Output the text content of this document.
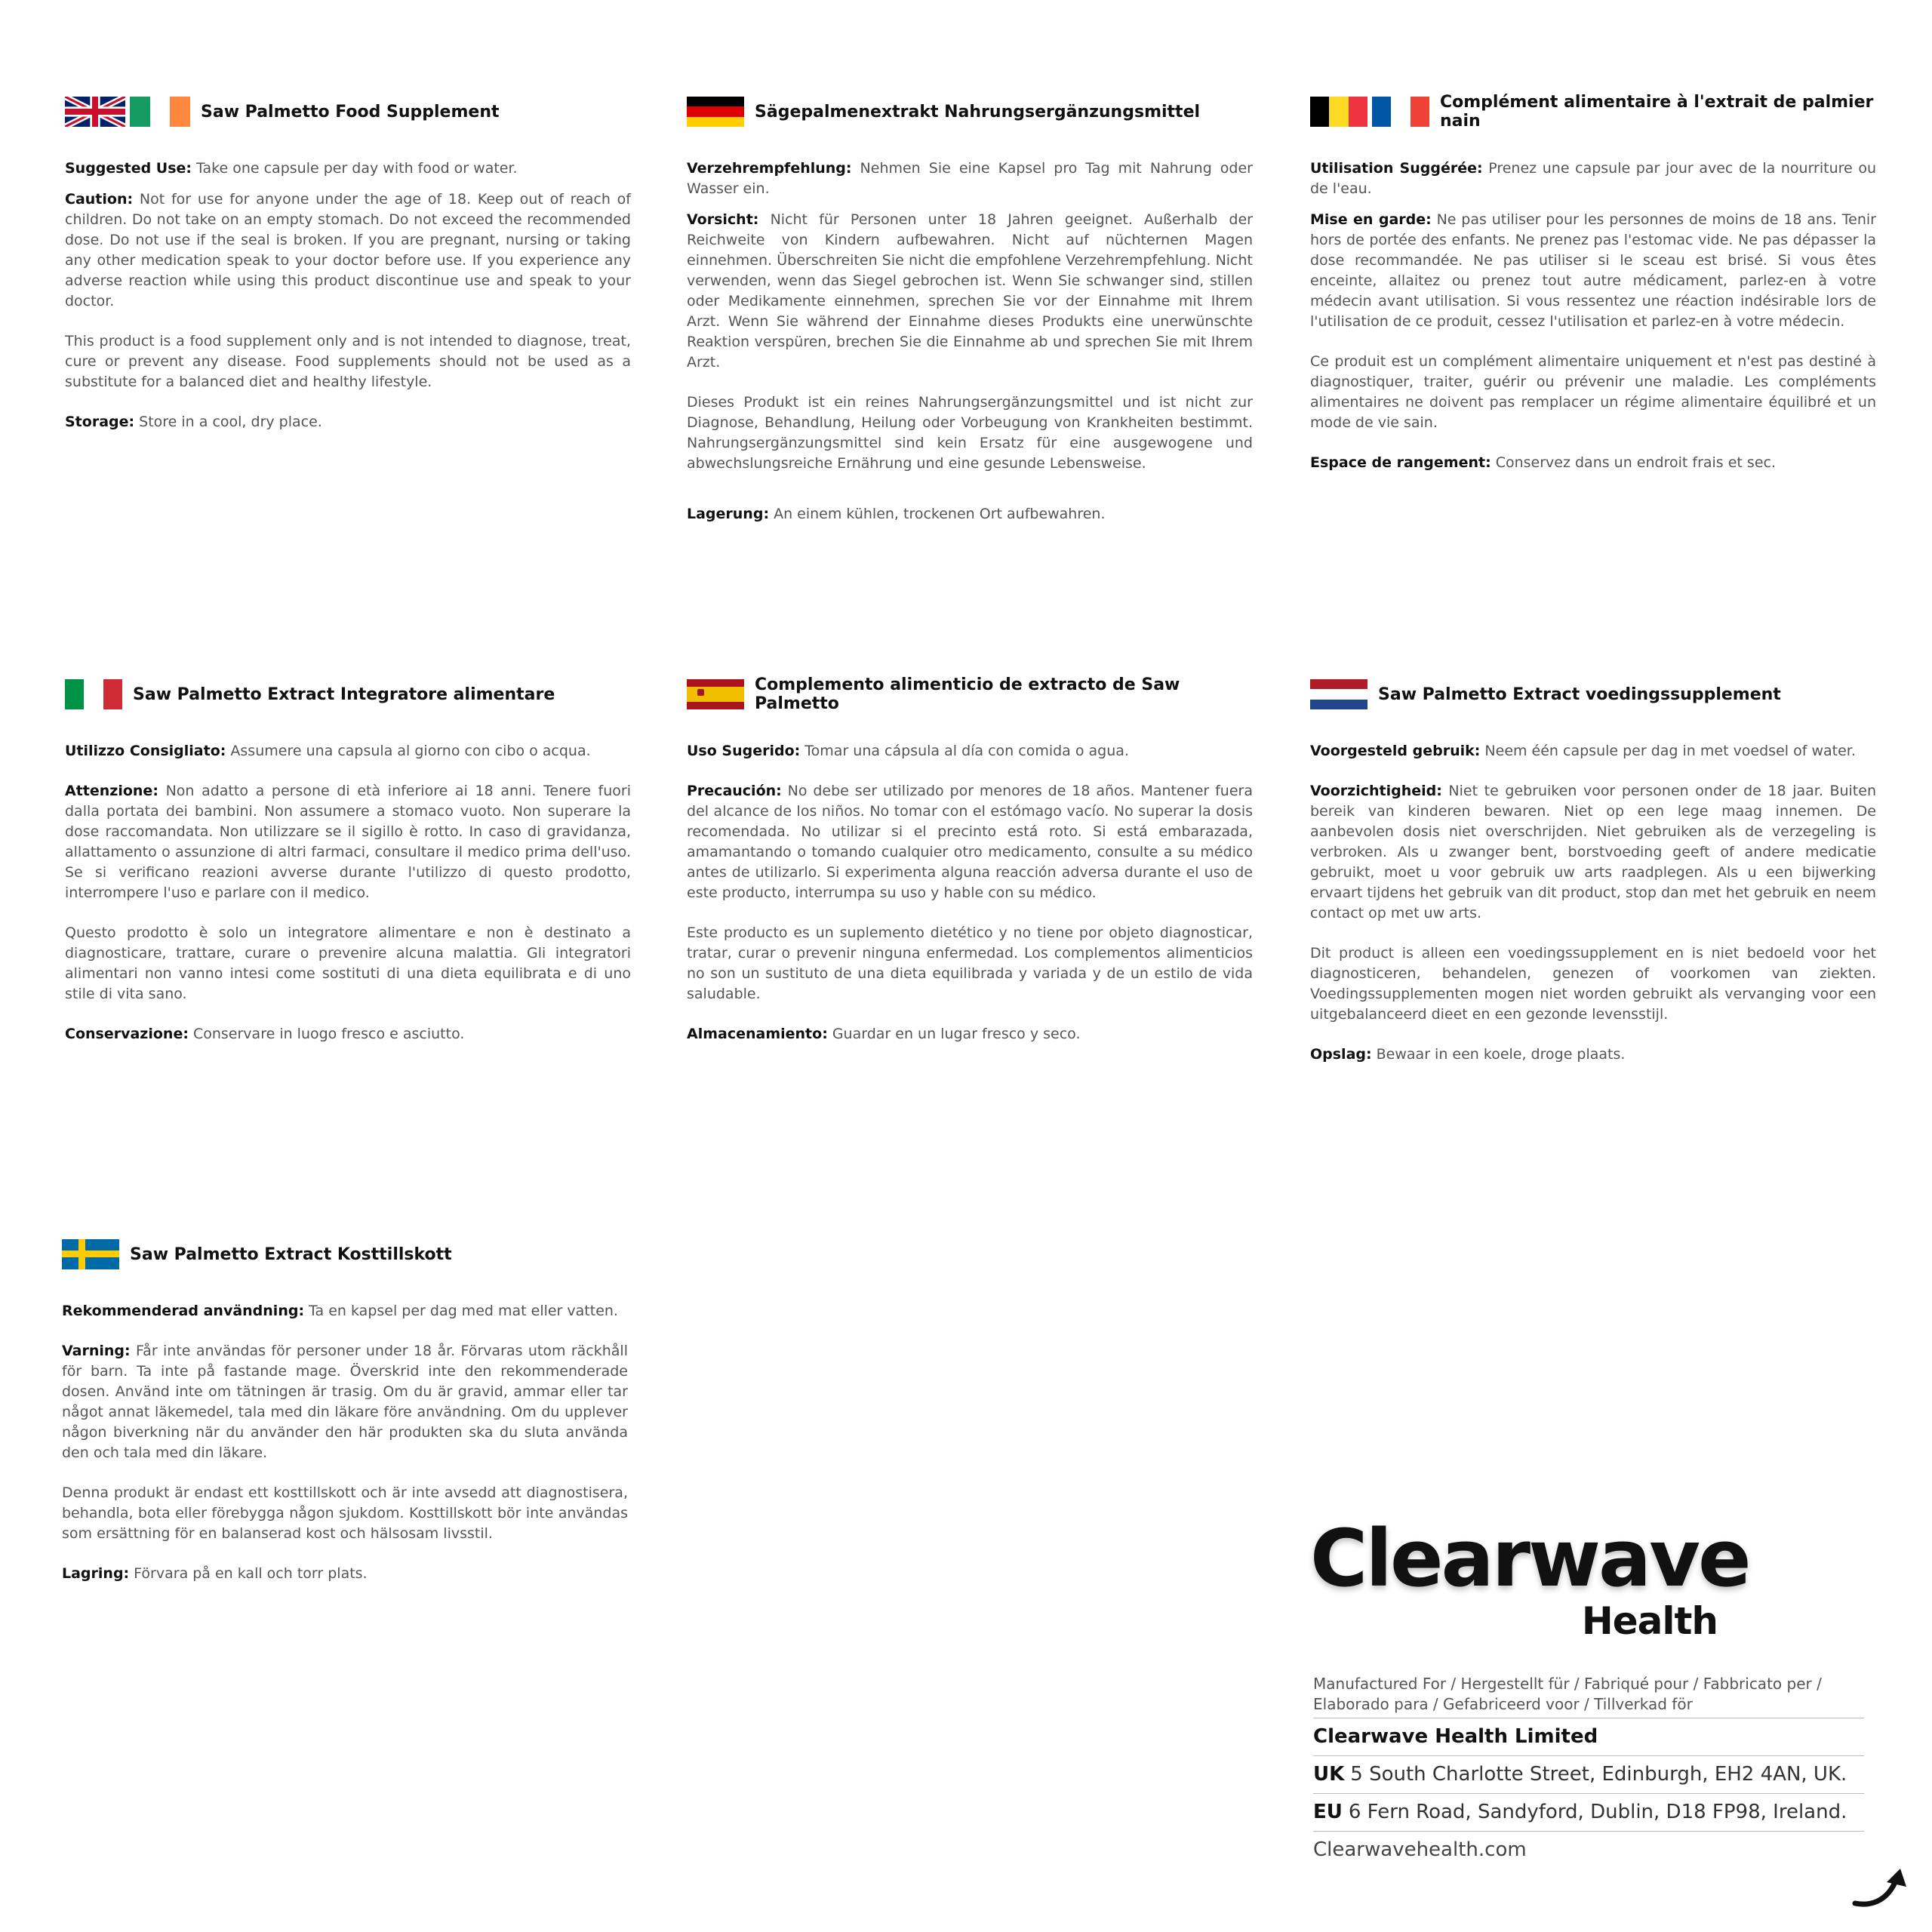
Saw Palmetto Food Supplement

Suggested Use: Take one capsule per day with food or water.

Caution: Not for use for anyone under the age of 18. Keep out of reach of children. Do not take on an empty stomach. Do not exceed the recommended dose. Do not use if the seal is broken. If you are pregnant, nursing or taking any other medication speak to your doctor before use. If you experience any adverse reaction while using this product discontinue use and speak to your doctor.

This product is a food supplement only and is not intended to diagnose, treat, cure or prevent any disease. Food supplements should not be used as a substitute for a balanced diet and healthy lifestyle.

Storage: Store in a cool, dry place.

Sägepalmenextrakt Nahrungsergänzungsmittel

Verzehrempfehlung: Nehmen Sie eine Kapsel pro Tag mit Nahrung oder Wasser ein.

Vorsicht: Nicht für Personen unter 18 Jahren geeignet. Außerhalb der Reichweite von Kindern aufbewahren. Nicht auf nüchternen Magen einnehmen. Überschreiten Sie nicht die empfohlene Verzehrempfehlung. Nicht verwenden, wenn das Siegel gebrochen ist. Wenn Sie schwanger sind, stillen oder Medikamente einnehmen, sprechen Sie vor der Einnahme mit Ihrem Arzt. Wenn Sie während der Einnahme dieses Produkts eine unerwünschte Reaktion verspüren, brechen Sie die Einnahme ab und sprechen Sie mit Ihrem Arzt.

Dieses Produkt ist ein reines Nahrungsergänzungsmittel und ist nicht zur Diagnose, Behandlung, Heilung oder Vorbeugung von Krankheiten bestimmt. Nahrungsergänzungsmittel sind kein Ersatz für eine ausgewogene und abwechslungsreiche Ernährung und eine gesunde Lebensweise.

Lagerung: An einem kühlen, trockenen Ort aufbewahren.

Complément alimentaire à l'extrait de palmier nain

Utilisation Suggérée: Prenez une capsule par jour avec de la nourriture ou de l'eau.

Mise en garde: Ne pas utiliser pour les personnes de moins de 18 ans. Tenir hors de portée des enfants. Ne prenez pas l'estomac vide. Ne pas dépasser la dose recommandée. Ne pas utiliser si le sceau est brisé. Si vous êtes enceinte, allaitez ou prenez tout autre médicament, parlez-en à votre médecin avant utilisation. Si vous ressentez une réaction indésirable lors de l'utilisation de ce produit, cessez l'utilisation et parlez-en à votre médecin.

Ce produit est un complément alimentaire uniquement et n'est pas destiné à diagnostiquer, traiter, guérir ou prévenir une maladie. Les compléments alimentaires ne doivent pas remplacer un régime alimentaire équilibré et un mode de vie sain.

Espace de rangement: Conservez dans un endroit frais et sec.

Saw Palmetto Extract Integratore alimentare

Utilizzo Consigliato: Assumere una capsula al giorno con cibo o acqua.

Attenzione: Non adatto a persone di età inferiore ai 18 anni. Tenere fuori dalla portata dei bambini. Non assumere a stomaco vuoto. Non superare la dose raccomandata. Non utilizzare se il sigillo è rotto. In caso di gravidanza, allattamento o assunzione di altri farmaci, consultare il medico prima dell'uso. Se si verificano reazioni avverse durante l'utilizzo di questo prodotto, interrompere l'uso e parlare con il medico.

Questo prodotto è solo un integratore alimentare e non è destinato a diagnosticare, trattare, curare o prevenire alcuna malattia. Gli integratori alimentari non vanno intesi come sostituti di una dieta equilibrata e di uno stile di vita sano.

Conservazione: Conservare in luogo fresco e asciutto.

Complemento alimenticio de extracto de Saw Palmetto

Uso Sugerido: Tomar una cápsula al día con comida o agua.

Precaución: No debe ser utilizado por menores de 18 años. Mantener fuera del alcance de los niños. No tomar con el estómago vacío. No superar la dosis recomendada. No utilizar si el precinto está roto. Si está embarazada, amamantando o tomando cualquier otro medicamento, consulte a su médico antes de utilizarlo. Si experimenta alguna reacción adversa durante el uso de este producto, interrumpa su uso y hable con su médico.

Este producto es un suplemento dietético y no tiene por objeto diagnosticar, tratar, curar o prevenir ninguna enfermedad. Los complementos alimenticios no son un sustituto de una dieta equilibrada y variada y de un estilo de vida saludable.

Almacenamiento: Guardar en un lugar fresco y seco.

Saw Palmetto Extract voedingssupplement

Voorgesteld gebruik: Neem één capsule per dag in met voedsel of water.

Voorzichtigheid: Niet te gebruiken voor personen onder de 18 jaar. Buiten bereik van kinderen bewaren. Niet op een lege maag innemen. De aanbevolen dosis niet overschrijden. Niet gebruiken als de verzegeling is verbroken. Als u zwanger bent, borstvoeding geeft of andere medicatie gebruikt, moet u voor gebruik uw arts raadplegen. Als u een bijwerking ervaart tijdens het gebruik van dit product, stop dan met het gebruik en neem contact op met uw arts.

Dit product is alleen een voedingssupplement en is niet bedoeld voor het diagnosticeren, behandelen, genezen of voorkomen van ziekten. Voedingssupplementen mogen niet worden gebruikt als vervanging voor een uitgebalanceerd dieet en een gezonde levensstijl.

Opslag: Bewaar in een koele, droge plaats.

Saw Palmetto Extract Kosttillskott

Rekommenderad användning: Ta en kapsel per dag med mat eller vatten.

Varning: Får inte användas för personer under 18 år. Förvaras utom räckhåll för barn. Ta inte på fastande mage. Överskrid inte den rekommenderade dosen. Använd inte om tätningen är trasig. Om du är gravid, ammar eller tar något annat läkemedel, tala med din läkare före användning. Om du upplever någon biverkning när du använder den här produkten ska du sluta använda den och tala med din läkare.

Denna produkt är endast ett kosttillskott och är inte avsedd att diagnostisera, behandla, bota eller förebygga någon sjukdom. Kosttillskott bör inte användas som ersättning för en balanserad kost och hälsosam livsstil.

Lagring: Förvara på en kall och torr plats.	Clearwave
Health
Manufactured For / Hergestellt für / Fabriqué pour / Fabbricato per / Elaborado para / Gefabriceerd voor / Tillverkad för
Clearwave Health Limited
UK 5 South Charlotte Street, Edinburgh, EH2 4AN, UK.
EU 6 Fern Road, Sandyford, Dublin, D18 FP98, Ireland.
Clearwavehealth.com
